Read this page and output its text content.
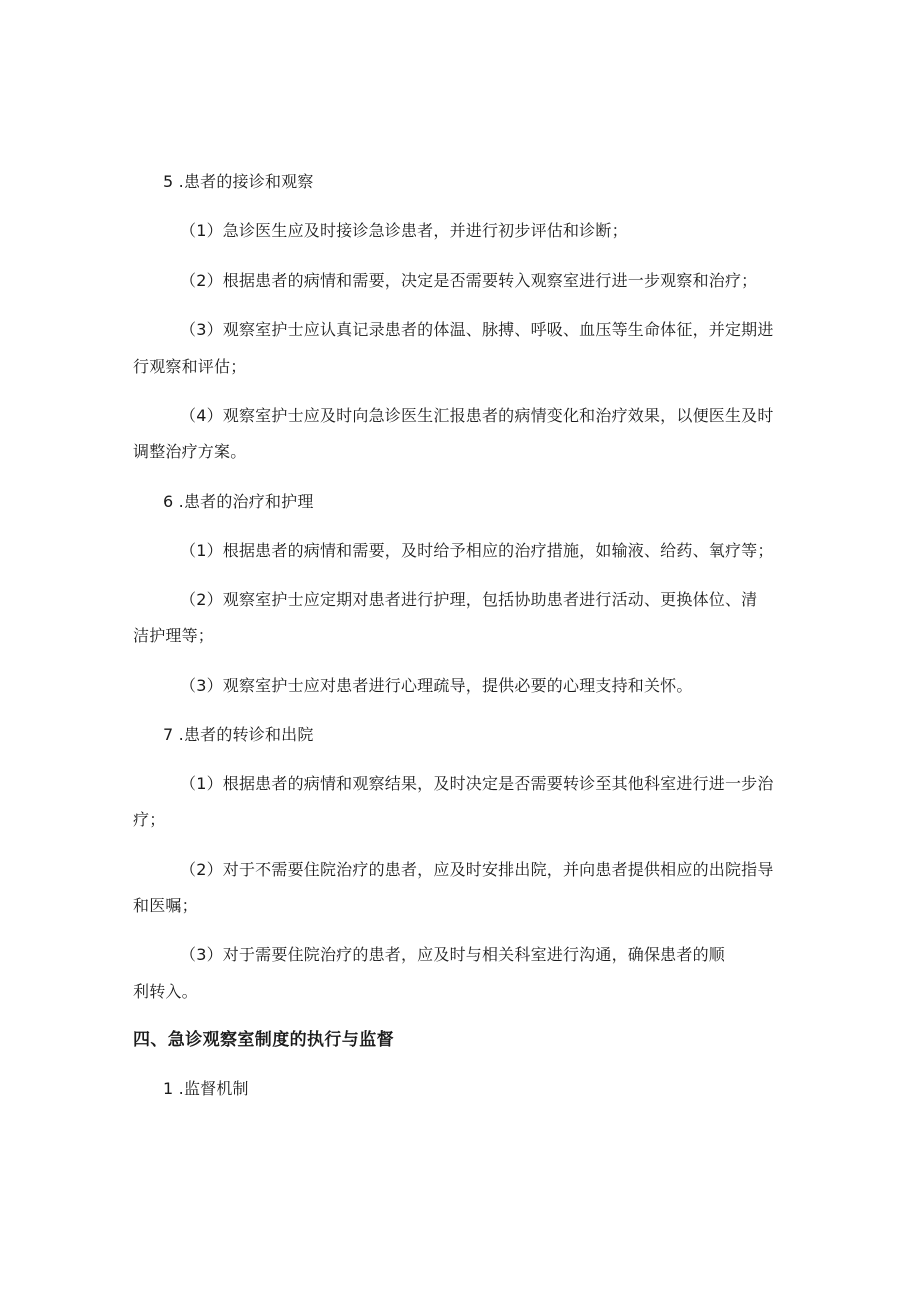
5 .患者的接诊和观察
（1）急诊医生应及时接诊急诊患者，并进行初步评估和诊断；
（2）根据患者的病情和需要，决定是否需要转入观察室进行进一步观察和治疗；
（3）观察室护士应认真记录患者的体温、脉搏、呼吸、血压等生命体征，并定期进
行观察和评估；
（4）观察室护士应及时向急诊医生汇报患者的病情变化和治疗效果，以便医生及时
调整治疗方案。
6 .患者的治疗和护理
（1）根据患者的病情和需要，及时给予相应的治疗措施，如输液、给药、氧疗等；
（2）观察室护士应定期对患者进行护理，包括协助患者进行活动、更换体位、清
洁护理等；
（3）观察室护士应对患者进行心理疏导，提供必要的心理支持和关怀。
7 .患者的转诊和出院
（1）根据患者的病情和观察结果，及时决定是否需要转诊至其他科室进行进一步治
疗；
（2）对于不需要住院治疗的患者，应及时安排出院，并向患者提供相应的出院指导
和医嘱；
（3）对于需要住院治疗的患者，应及时与相关科室进行沟通，确保患者的顺
利转入。
四、急诊观察室制度的执行与监督
1 .监督机制
